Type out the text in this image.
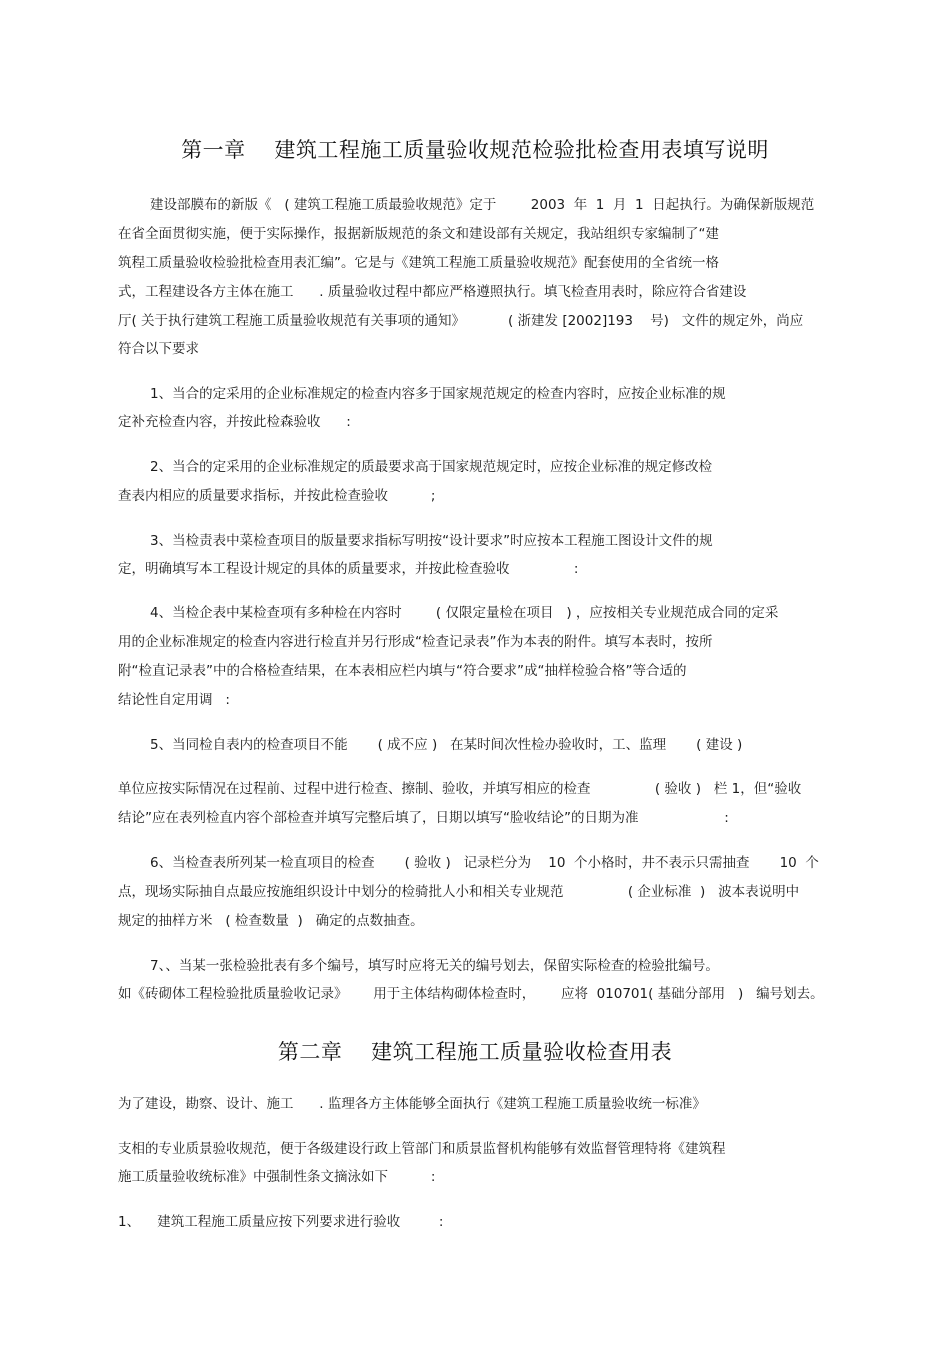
第一章    建筑工程施工质量验收规范检验批检查用表填写说明
建设部膜布的新版《   ( 建筑工程施工质最验收规范》定于        2003  年  1  月  1  日起执行。为确保新版规范
在省全面贯彻实施，便于实际操作，报据新版规范的条文和建设部有关规定，我站组织专家编制了“建
筑程工质量验收检验批检查用表汇编”。它是与《建筑工程施工质量验收规范》配套使用的全省统一格
式，工程建设各方主体在施工      . 质量验收过程中都应严格遵照执行。填飞检查用表时，除应符合省建设
厅( 关于执行建筑工程施工质量验收规范有关事项的通知》          ( 浙建发 [2002]193    号)   文件的规定外，尚应
符合以下要求
1、当合的定采用的企业标准规定的检查内容多于国家规范规定的检查内容时，应按企业标准的规
定补充检查内容，并按此检森验收      :
2、当合的定采用的企业标准规定的质最要求高于国家规范规定时，应按企业标准的规定修改检
查表内相应的质量要求指标，并按此检查验收          ;
3、当检责表中菜检查项目的版量要求指标写明按“设计要求”时应按本工程施工图设计文件的规
定，明确填写本工程设计规定的具体的质量要求，并按此检查验收               :
4、当检企表中某检查项有多种检在内容时        ( 仅限定量检在项目   ) ，应按相关专业规范成合同的定采
用的企业标准规定的检查内容进行检直并另行形成“检查记录表”作为本表的附件。填写本表时，按所
附“检直记录表”中的合格检查结果，在本表相应栏内填与“符合要求”成“抽样检验合格”等合适的
结论性自定用调   :
5、当同检自表内的检查项目不能       ( 成不应 )   在某时间次性检办验收时，工、监理       ( 建设 )
单位应按实际情况在过程前、过程中进行检查、擦制、验收，并填写相应的检查               ( 验收 )   栏 1，但“验收
结论”应在表列检直内容个部检查并填写完整后填了，日期以填写“脸收结论”的日期为准                    :
6、当检查表所列某一检直项目的检查       ( 验收 )   记录栏分为    10  个小格时，井不表示只需抽查       10  个
点，现场实际抽自点最应按施组织设计中划分的检骑批人小和相关专业规范               ( 企业标准  )   波本表说明中
规定的抽样方米   ( 检查数量  )   确定的点数抽查。
7、、当某一张检验批表有多个编号，填写时应将无关的编号划去，保留实际检查的检验批编号。
如《砖砌体工程检验批质量验收记录》      用于主体结构砌体检查时，      应将  010701( 基础分部用   )   编号划去。
第二章    建筑工程施工质量验收检查用表
为了建设，勘察、设计、施工      . 监理各方主体能够全面执行《建筑工程施工质量验收统一标准》
支相的专业质景验收规范，便于各级建设行政上管部门和质景监督机构能够有效监督管理特将《建筑程
施工质量验收统标准》中强制性条文摘泳如下          :
1、    建筑工程施工质量应按下列要求进行验收         :
